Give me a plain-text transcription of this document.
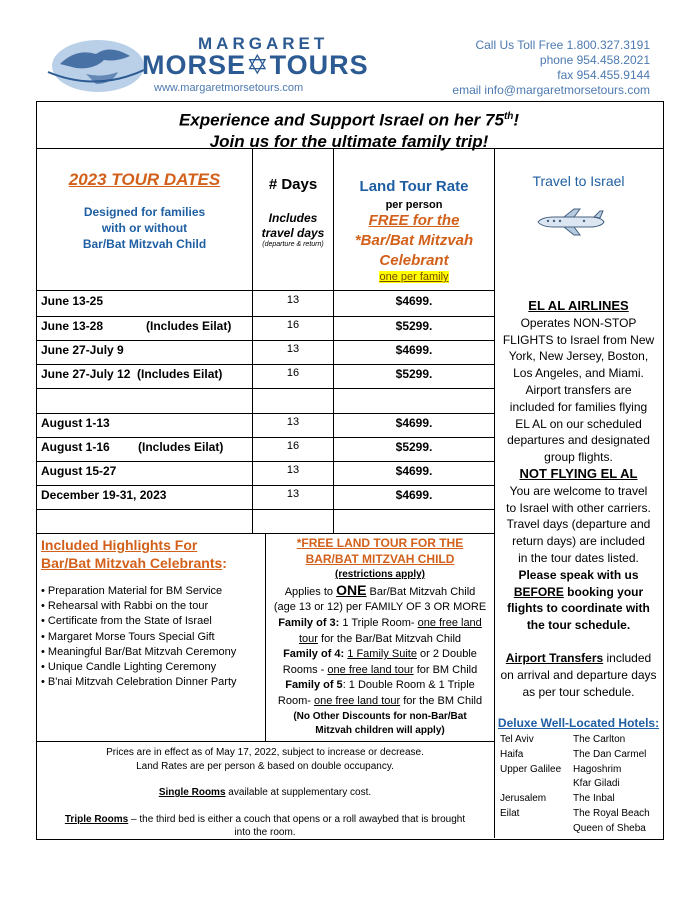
MARGARET
MORSE✡TOURS
www.margaretmorsetours.com
Call Us Toll Free 1.800.327.3191
phone 954.458.2021
fax 954.455.9144
email info@margaretmorsetours.com
Experience and Support Israel on her 75th!
Join us for the ultimate family trip!
2023 TOUR DATES
Designed for families
with or without
Bar/Bat Mitzvah Child
# Days
Includes
travel days
(departure & return)
Land Tour Rate
per person
FREE for the
*Bar/Bat Mitzvah
Celebrant
one per family
Travel to Israel
June 13-25	13	$4699.
June 13-28	(Includes Eilat)	16	$5299.
June 27-July 9	13	$4699.
June 27-July 12  (Includes Eilat)	16	$5299.
August 1-13	13	$4699.
August 1-16 (Includes Eilat)	16	$5299.
August 15-27	13	$4699.
December 19-31, 2023	13	$4699.
EL AL AIRLINES
Operates NON-STOP
FLIGHTS to Israel from New
York, New Jersey, Boston,
Los Angeles, and Miami.
Airport transfers are
included for families flying
EL AL on our scheduled
departures and designated
group flights.
NOT FLYING EL AL
You are welcome to travel
to Israel with other carriers.
Travel days (departure and
return days) are included
in the tour dates listed.
Please speak with us
BEFORE booking your
flights to coordinate with
the tour schedule.
Airport Transfers included
on arrival and departure days
as per tour schedule.
Deluxe Well-Located Hotels:
Tel Aviv	The Carlton
Haifa	The Dan Carmel
Upper Galilee Hagoshrim
Kfar Giladi
Jerusalem	The Inbal
Eilat	The Royal Beach
Queen of Sheba
Included Highlights For
Bar/Bat Mitzvah Celebrants:
• Preparation Material for BM Service
• Rehearsal with Rabbi on the tour
• Certificate from the State of Israel
• Margaret Morse Tours Special Gift
• Meaningful Bar/Bat Mitzvah Ceremony
• Unique Candle Lighting Ceremony
• B'nai Mitzvah Celebration Dinner Party
*FREE LAND TOUR FOR THE
BAR/BAT MITZVAH CHILD
(restrictions apply)
Applies to ONE Bar/Bat Mitzvah Child
(age 13 or 12) per FAMILY OF 3 OR MORE
Family of 3: 1 Triple Room- one free land
tour for the Bar/Bat Mitzvah Child
Family of 4: 1 Family Suite or 2 Double
Rooms - one free land tour for BM Child
Family of 5: 1 Double Room & 1 Triple
Room- one free land tour for the BM Child
(No Other Discounts for non-Bar/Bat
Mitzvah children will apply)
Prices are in effect as of May 17, 2022, subject to increase or decrease.
Land Rates are per person & based on double occupancy.
Single Rooms available at supplementary cost.
Triple Rooms – the third bed is either a couch that opens or a roll awaybed that is brought
into the room.
